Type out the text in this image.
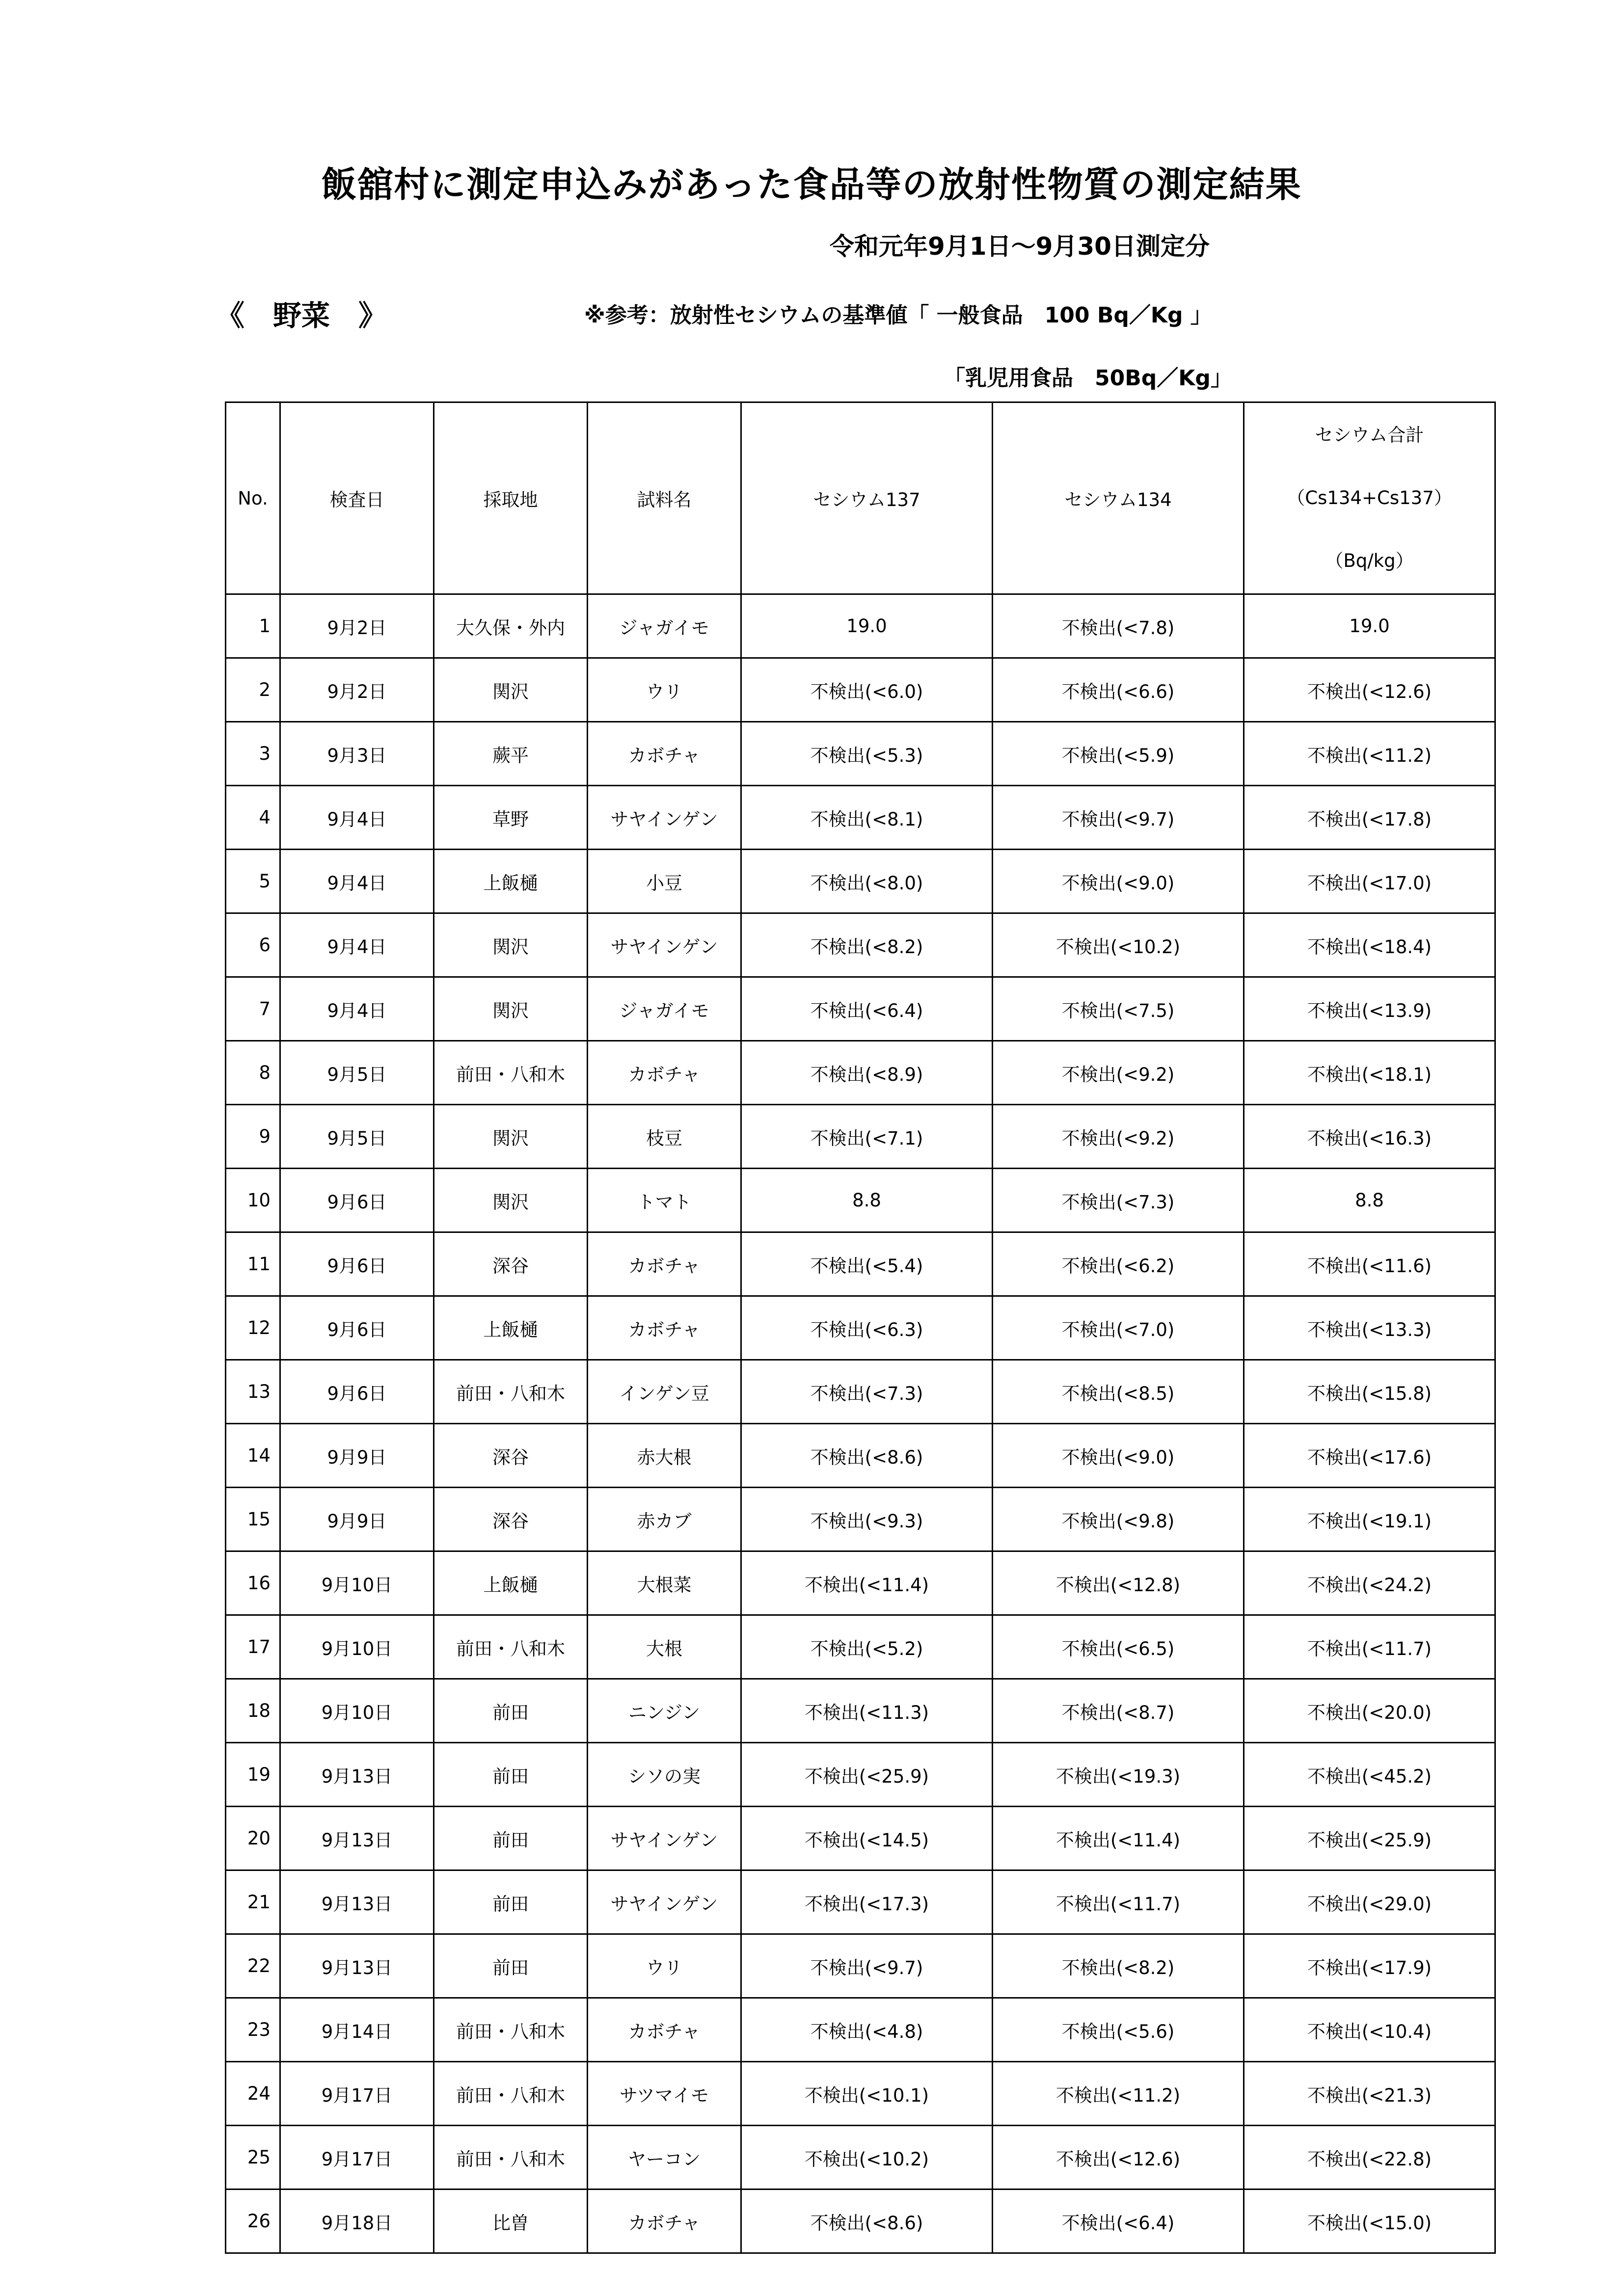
飯舘村に測定申込みがあった食品等の放射性物質の測定結果
令和元年9月1日～9月30日測定分
《　野菜　》	※参考：放射性セシウムの基準値「 一般食品　100 Bq／Kg 」
「乳児用食品　50Bq／Kg」
No.	検査日	採取地	試料名	セシウム137	セシウム134	セシウム合計
（Cs134+Cs137）
（Bq/kg）

1	9月2日	大久保・外内	ジャガイモ	19.0	不検出(<7.8)	19.0
2	9月2日	関沢	ウリ	不検出(<6.0)	不検出(<6.6)	不検出(<12.6)
3	9月3日	蕨平	カボチャ	不検出(<5.3)	不検出(<5.9)	不検出(<11.2)
4	9月4日	草野	サヤインゲン	不検出(<8.1)	不検出(<9.7)	不検出(<17.8)
5	9月4日	上飯樋	小豆	不検出(<8.0)	不検出(<9.0)	不検出(<17.0)
6	9月4日	関沢	サヤインゲン	不検出(<8.2)	不検出(<10.2)	不検出(<18.4)
7	9月4日	関沢	ジャガイモ	不検出(<6.4)	不検出(<7.5)	不検出(<13.9)
8	9月5日	前田・八和木	カボチャ	不検出(<8.9)	不検出(<9.2)	不検出(<18.1)
9	9月5日	関沢	枝豆	不検出(<7.1)	不検出(<9.2)	不検出(<16.3)
10	9月6日	関沢	トマト	8.8	不検出(<7.3)	8.8
11	9月6日	深谷	カボチャ	不検出(<5.4)	不検出(<6.2)	不検出(<11.6)
12	9月6日	上飯樋	カボチャ	不検出(<6.3)	不検出(<7.0)	不検出(<13.3)
13	9月6日	前田・八和木	インゲン豆	不検出(<7.3)	不検出(<8.5)	不検出(<15.8)
14	9月9日	深谷	赤大根	不検出(<8.6)	不検出(<9.0)	不検出(<17.6)
15	9月9日	深谷	赤カブ	不検出(<9.3)	不検出(<9.8)	不検出(<19.1)
16	9月10日	上飯樋	大根菜	不検出(<11.4)	不検出(<12.8)	不検出(<24.2)
17	9月10日	前田・八和木	大根	不検出(<5.2)	不検出(<6.5)	不検出(<11.7)
18	9月10日	前田	ニンジン	不検出(<11.3)	不検出(<8.7)	不検出(<20.0)
19	9月13日	前田	シソの実	不検出(<25.9)	不検出(<19.3)	不検出(<45.2)
20	9月13日	前田	サヤインゲン	不検出(<14.5)	不検出(<11.4)	不検出(<25.9)
21	9月13日	前田	サヤインゲン	不検出(<17.3)	不検出(<11.7)	不検出(<29.0)
22	9月13日	前田	ウリ	不検出(<9.7)	不検出(<8.2)	不検出(<17.9)
23	9月14日	前田・八和木	カボチャ	不検出(<4.8)	不検出(<5.6)	不検出(<10.4)
24	9月17日	前田・八和木	サツマイモ	不検出(<10.1)	不検出(<11.2)	不検出(<21.3)
25	9月17日	前田・八和木	ヤーコン	不検出(<10.2)	不検出(<12.6)	不検出(<22.8)
26	9月18日	比曽	カボチャ	不検出(<8.6)	不検出(<6.4)	不検出(<15.0)
